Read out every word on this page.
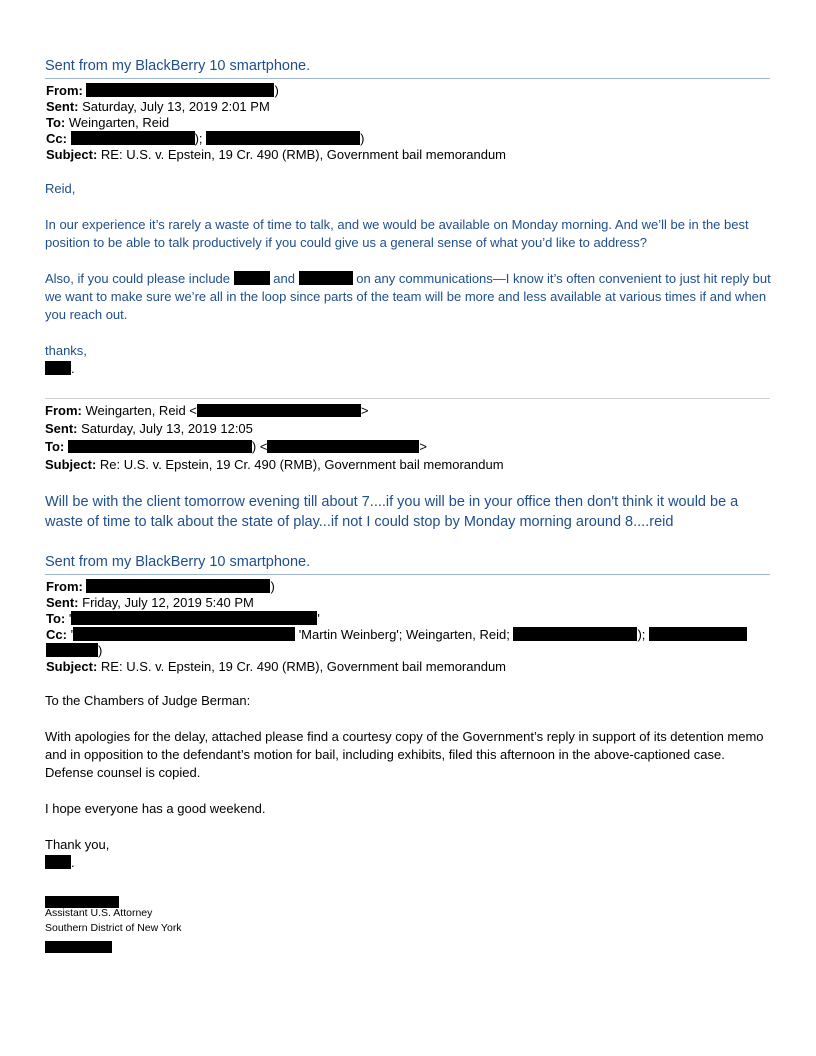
Sent from my BlackBerry 10 smartphone.
From:	)
Sent: Saturday, July 13, 2019 2:01 PM
To: Weingarten, Reid
Cc:	);	)
Subject: RE: U.S. v. Epstein, 19 Cr. 490 (RMB), Government bail memorandum
Reid,
In our experience it’s rarely a waste of time to talk, and we would be available on Monday morning. And we’ll be in the best position to be able to talk productively if you could give us a general sense of what you’d like to address?
Also, if you could please include	and	on any communications—I know it’s often convenient to just hit reply but we want to make sure we’re all in the loop since parts of the team will be more and less available at various times if and when you reach out.
thanks,
.
From: Weingarten, Reid <	>
Sent: Saturday, July 13, 2019 12:05
To:	) <	>
Subject: Re: U.S. v. Epstein, 19 Cr. 490 (RMB), Government bail memorandum
Will be with the client tomorrow evening till about 7....if you will be in your office then don't think it would be a waste of time to talk about the state of play...if not I could stop by Monday morning around 8....reid
Sent from my BlackBerry 10 smartphone.
From:	)
Sent: Friday, July 12, 2019 5:40 PM
To: '	'
Cc: '	'Martin Weinberg'; Weingarten, Reid;	);
)
Subject: RE: U.S. v. Epstein, 19 Cr. 490 (RMB), Government bail memorandum
To the Chambers of Judge Berman:
With apologies for the delay, attached please find a courtesy copy of the Government’s reply in support of its detention memo and in opposition to the defendant’s motion for bail, including exhibits, filed this afternoon in the above-captioned case. Defense counsel is copied.
I hope everyone has a good weekend.
Thank you,
.
Assistant U.S. Attorney
Southern District of New York
